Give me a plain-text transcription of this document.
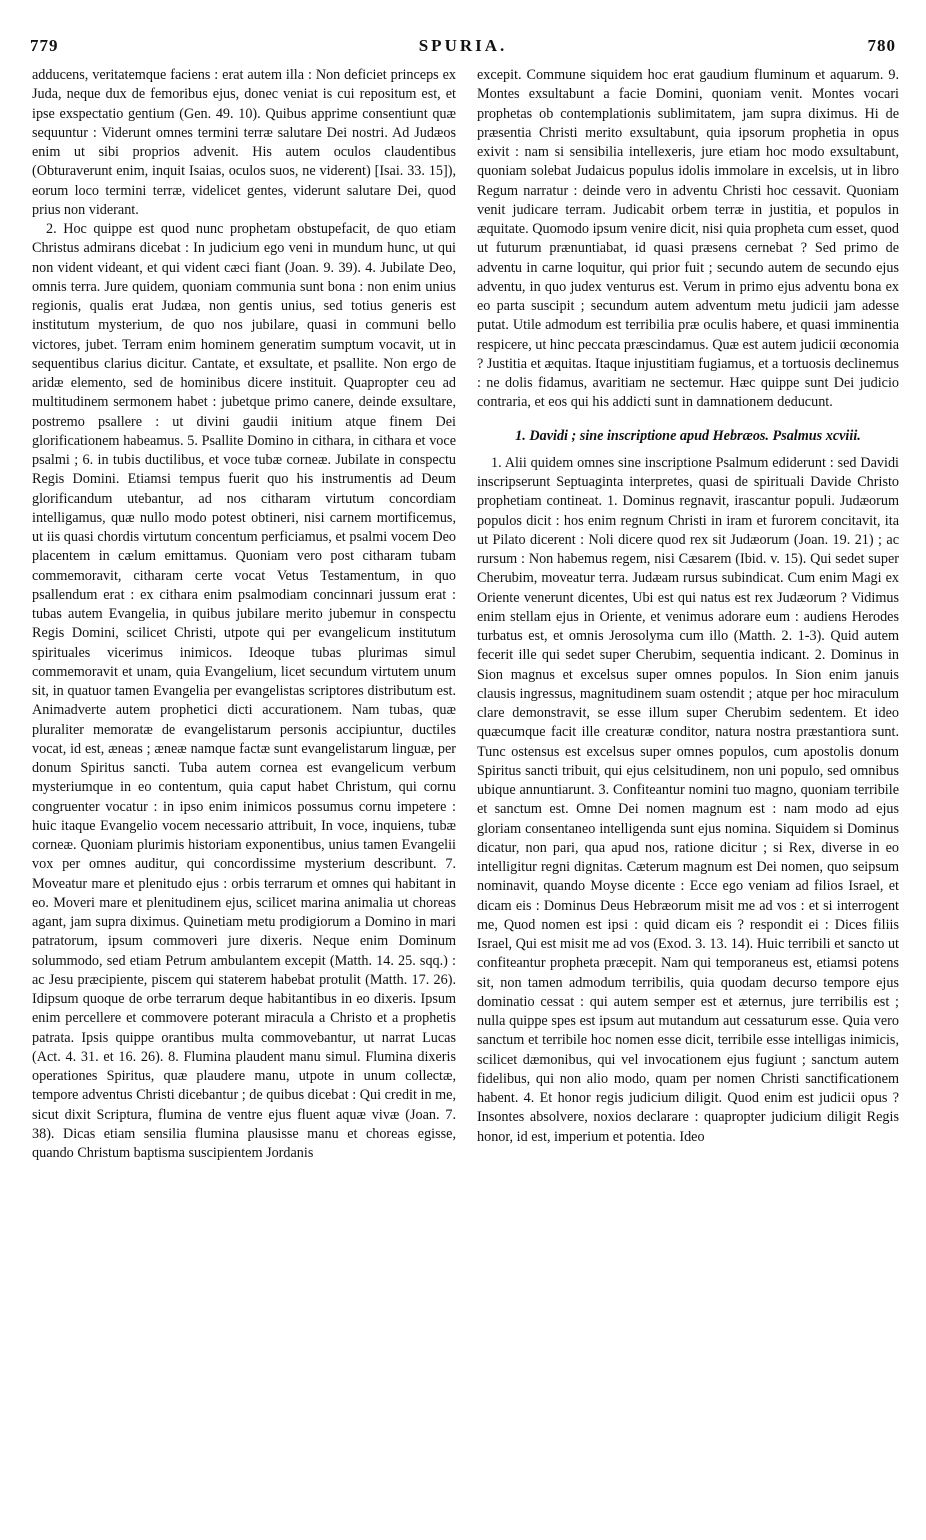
779	SPURIA.	780

adducens, veritatemque faciens : erat autem illa : Non deficiet princeps ex Juda, neque dux de femoribus ejus, donec veniat is cui repositum est, et ipse exspectatio gentium (Gen. 49. 10). Quibus apprime consentiunt quæ sequuntur : Viderunt omnes termini terræ salutare Dei nostri. Ad Judæos enim ut sibi proprios advenit. His autem oculos claudentibus (Obturaverunt enim, inquit Isaias, oculos suos, ne viderent) [Isai. 33. 15]), eorum loco termini terræ, videlicet gentes, viderunt salutare Dei, quod prius non viderant.

2. Hoc quippe est quod nunc prophetam obstupefacit, de quo etiam Christus admirans dicebat : In judicium ego veni in mundum hunc, ut qui non vident videant, et qui vident cæci fiant (Joan. 9. 39). 4. Jubilate Deo, omnis terra. Jure quidem, quoniam communia sunt bona : non enim unius regionis, qualis erat Judæa, non gentis unius, sed totius generis est institutum mysterium, de quo nos jubilare, quasi in communi bello victores, jubet. Terram enim hominem generatim sumptum vocavit, ut in sequentibus clarius dicitur. Cantate, et exsultate, et psallite. Non ergo de aridæ elemento, sed de hominibus dicere instituit. Quapropter ceu ad multitudinem sermonem habet : jubetque primo canere, deinde exsultare, postremo psallere : ut divini gaudii initium atque finem Dei glorificationem habeamus. 5. Psallite Domino in cithara, in cithara et voce psalmi ; 6. in tubis ductilibus, et voce tubæ corneæ. Jubilate in conspectu Regis Domini. Etiamsi tempus fuerit quo his instrumentis ad Deum glorificandum utebantur, ad nos citharam virtutum concordiam intelligamus, quæ nullo modo potest obtineri, nisi carnem mortificemus, ut iis quasi chordis virtutum concentum perficiamus, et psalmi vocem Deo placentem in cælum emittamus. Quoniam vero post citharam tubam commemoravit, citharam certe vocat Vetus Testamentum, in quo psallendum erat : ex cithara enim psalmodiam concinnari jussum erat : tubas autem Evangelia, in quibus jubilare merito jubemur in conspectu Regis Domini, scilicet Christi, utpote qui per evangelicum institutum spirituales vicerimus inimicos. Ideoque tubas plurimas simul commemoravit et unam, quia Evangelium, licet secundum virtutem unum sit, in quatuor tamen Evangelia per evangelistas scriptores distributum est. Animadverte autem prophetici dicti accurationem. Nam tubas, quæ pluraliter memoratæ de evangelistarum personis accipiuntur, ductiles vocat, id est, æneas ; æneæ namque factæ sunt evangelistarum linguæ, per donum Spiritus sancti. Tuba autem cornea est evangelicum verbum mysteriumque in eo contentum, quia caput habet Christum, qui cornu congruenter vocatur : in ipso enim inimicos possumus cornu impetere : huic itaque Evangelio vocem necessario attribuit, In voce, inquiens, tubæ corneæ. Quoniam plurimis historiam exponentibus, unius tamen Evangelii vox per omnes auditur, qui concordissime mysterium describunt. 7. Moveatur mare et plenitudo ejus : orbis terrarum et omnes qui habitant in eo. Moveri mare et plenitudinem ejus, scilicet marina animalia ut choreas agant, jam supra diximus. Quinetiam metu prodigiorum a Domino in mari patratorum, ipsum commoveri jure dixeris. Neque enim Dominum solummodo, sed etiam Petrum ambulantem excepit (Matth. 14. 25. sqq.) : ac Jesu præcipiente, piscem qui staterem habebat protulit (Matth. 17. 26). Idipsum quoque de orbe terrarum deque habitantibus in eo dixeris. Ipsum enim percellere et commovere poterant miracula a Christo et a prophetis patrata. Ipsis quippe orantibus multa commovebantur, ut narrat Lucas (Act. 4. 31. et 16. 26). 8. Flumina plaudent manu simul. Flumina dixeris operationes Spiritus, quæ plaudere manu, utpote in unum collectæ, tempore adventus Christi dicebantur ; de quibus dicebat : Qui credit in me, sicut dixit Scriptura, flumina de ventre ejus fluent aquæ vivæ (Joan. 7. 38). Dicas etiam sensilia flumina plausisse manu et choreas egisse, quando Christum baptisma suscipientem Jordanis

excepit. Commune siquidem hoc erat gaudium fluminum et aquarum. 9. Montes exsultabunt a facie Domini, quoniam venit. Montes vocari prophetas ob contemplationis sublimitatem, jam supra diximus. Hi de præsentia Christi merito exsultabunt, quia ipsorum prophetia in opus exivit : nam si sensibilia intellexeris, jure etiam hoc modo exsultabunt, quoniam solebat Judaicus populus idolis immolare in excelsis, ut in libro Regum narratur : deinde vero in adventu Christi hoc cessavit. Quoniam venit judicare terram. Judicabit orbem terræ in justitia, et populos in æquitate. Quomodo ipsum venire dicit, nisi quia propheta cum esset, quod ut futurum prænuntiabat, id quasi præsens cernebat ? Sed primo de adventu in carne loquitur, qui prior fuit ; secundo autem de secundo ejus adventu, in quo judex venturus est. Verum in primo ejus adventu bona ex eo parta suscipit ; secundum autem adventum metu judicii jam adesse putat. Utile admodum est terribilia præ oculis habere, et quasi imminentia respicere, ut hinc peccata præscindamus. Quæ est autem judicii œconomia ? Justitia et æquitas. Itaque injustitiam fugiamus, et a tortuosis declinemus : ne dolis fidamus, avaritiam ne sectemur. Hæc quippe sunt Dei judicio contraria, et eos qui his addicti sunt in damnationem deducunt.

1. Davidi ; sine inscriptione apud Hebræos. Psalmus xcviii.

1. Alii quidem omnes sine inscriptione Psalmum ediderunt : sed Davidi inscripserunt Septuaginta interpretes, quasi de spirituali Davide Christo prophetiam contineat. 1. Dominus regnavit, irascantur populi. Judæorum populos dicit : hos enim regnum Christi in iram et furorem concitavit, ita ut Pilato dicerent : Noli dicere quod rex sit Judæorum (Joan. 19. 21) ; ac rursum : Non habemus regem, nisi Cæsarem (Ibid. v. 15). Qui sedet super Cherubim, moveatur terra. Judæam rursus subindicat. Cum enim Magi ex Oriente venerunt dicentes, Ubi est qui natus est rex Judæorum ? Vidimus enim stellam ejus in Oriente, et venimus adorare eum : audiens Herodes turbatus est, et omnis Jerosolyma cum illo (Matth. 2. 1-3). Quid autem fecerit ille qui sedet super Cherubim, sequentia indicant. 2. Dominus in Sion magnus et excelsus super omnes populos. In Sion enim januis clausis ingressus, magnitudinem suam ostendit ; atque per hoc miraculum clare demonstravit, se esse illum super Cherubim sedentem. Et ideo quæcumque facit ille creaturæ conditor, natura nostra præstantiora sunt. Tunc ostensus est excelsus super omnes populos, cum apostolis donum Spiritus sancti tribuit, qui ejus celsitudinem, non uni populo, sed omnibus ubique annuntiarunt. 3. Confiteantur nomini tuo magno, quoniam terribile et sanctum est. Omne Dei nomen magnum est : nam modo ad ejus gloriam consentaneo intelligenda sunt ejus nomina. Siquidem si Dominus dicatur, non pari, qua apud nos, ratione dicitur ; si Rex, diverse in eo intelligitur regni dignitas. Cæterum magnum est Dei nomen, quo seipsum nominavit, quando Moyse dicente : Ecce ego veniam ad filios Israel, et dicam eis : Dominus Deus Hebræorum misit me ad vos : et si interrogent me, Quod nomen est ipsi : quid dicam eis ? respondit ei : Dices filiis Israel, Qui est misit me ad vos (Exod. 3. 13. 14). Huic terribili et sancto ut confiteantur propheta præcepit. Nam qui temporaneus est, etiamsi potens sit, non tamen admodum terribilis, quia quodam decurso tempore ejus dominatio cessat : qui autem semper est et æternus, jure terribilis est ; nulla quippe spes est ipsum aut mutandum aut cessaturum esse. Quia vero sanctum et terribile hoc nomen esse dicit, terribile esse intelligas inimicis, scilicet dæmonibus, qui vel invocationem ejus fugiunt ; sanctum autem fidelibus, qui non alio modo, quam per nomen Christi sanctificationem habent. 4. Et honor regis judicium diligit. Quod enim est judicii opus ? Insontes absolvere, noxios declarare : quapropter judicium diligit Regis honor, id est, imperium et potentia. Ideo
